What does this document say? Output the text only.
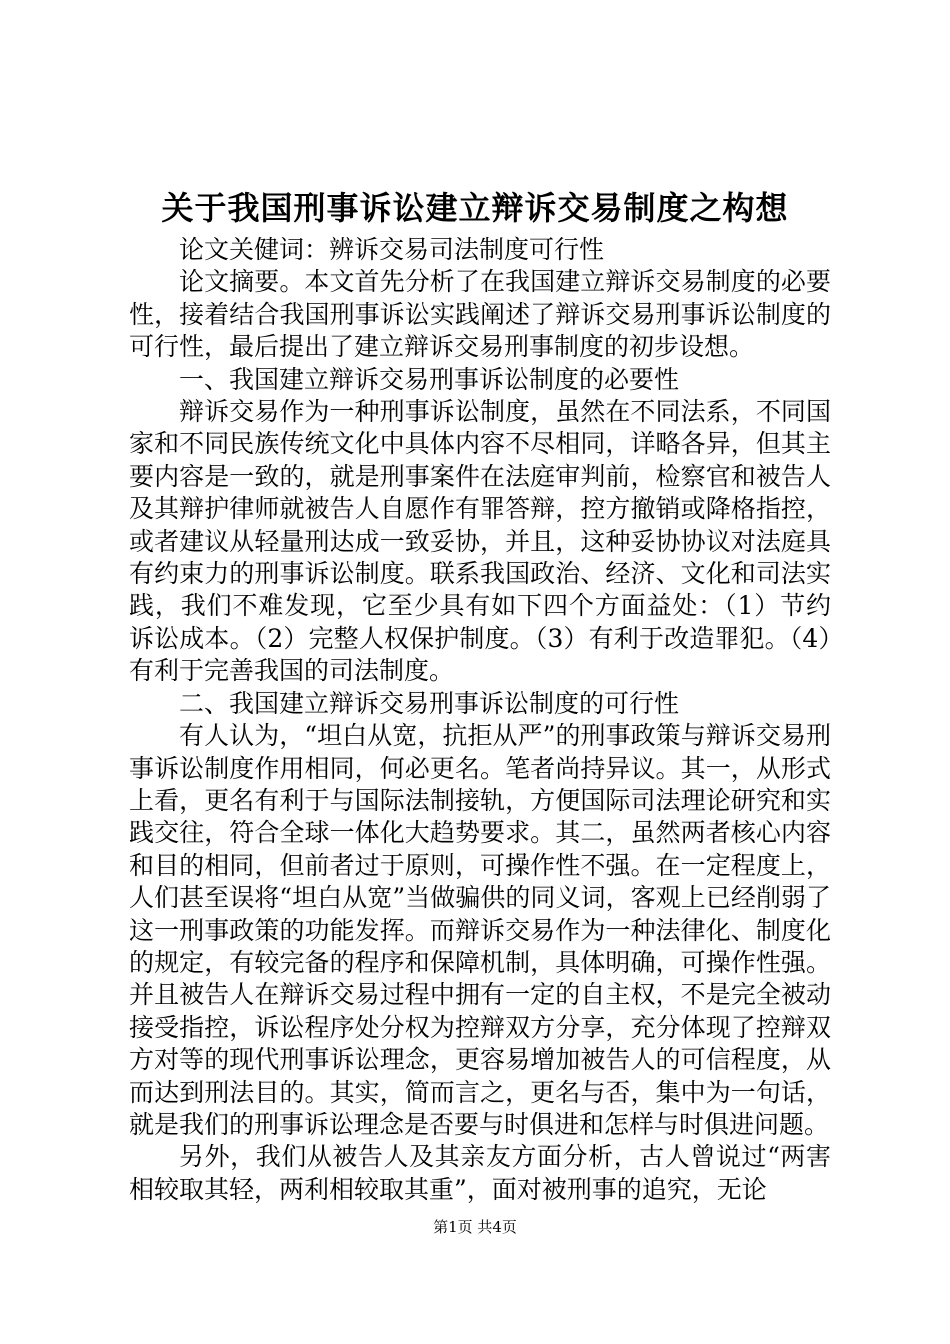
关于我国刑事诉讼建立辩诉交易制度之构想

论文关健词：辨诉交易司法制度可行性

论文摘要。本文首先分析了在我国建立辩诉交易制度的必要性，接着结合我国刑事诉讼实践阐述了辩诉交易刑事诉讼制度的可行性，最后提出了建立辩诉交易刑事制度的初步设想。

一、我国建立辩诉交易刑事诉讼制度的必要性

辩诉交易作为一种刑事诉讼制度，虽然在不同法系，不同国家和不同民族传统文化中具体内容不尽相同，详略各异，但其主要内容是一致的，就是刑事案件在法庭审判前，检察官和被告人及其辩护律师就被告人自愿作有罪答辩，控方撤销或降格指控，或者建议从轻量刑达成一致妥协，并且，这种妥协协议对法庭具有约束力的刑事诉讼制度。联系我国政治、经济、文化和司法实践，我们不难发现，它至少具有如下四个方面益处：（1）节约诉讼成本。（2）完整人权保护制度。（3）有利于改造罪犯。（4）有利于完善我国的司法制度。

二、我国建立辩诉交易刑事诉讼制度的可行性

有人认为，“坦白从宽，抗拒从严”的刑事政策与辩诉交易刑事诉讼制度作用相同，何必更名。笔者尚持异议。其一，从形式上看，更名有利于与国际法制接轨，方便国际司法理论研究和实践交往，符合全球一体化大趋势要求。其二，虽然两者核心内容和目的相同，但前者过于原则，可操作性不强。在一定程度上，人们甚至误将“坦白从宽”当做骗供的同义词，客观上已经削弱了这一刑事政策的功能发挥。而辩诉交易作为一种法律化、制度化的规定，有较完备的程序和保障机制，具体明确，可操作性强。并且被告人在辩诉交易过程中拥有一定的自主权，不是完全被动接受指控，诉讼程序处分权为控辩双方分享，充分体现了控辩双方对等的现代刑事诉讼理念，更容易增加被告人的可信程度，从而达到刑法目的。其实，简而言之，更名与否，集中为一句话，就是我们的刑事诉讼理念是否要与时俱进和怎样与时俱进问题。

另外，我们从被告人及其亲友方面分析，古人曾说过“两害相较取其轻，两利相较取其重”，面对被刑事的追究，无论

第1页 共4页
